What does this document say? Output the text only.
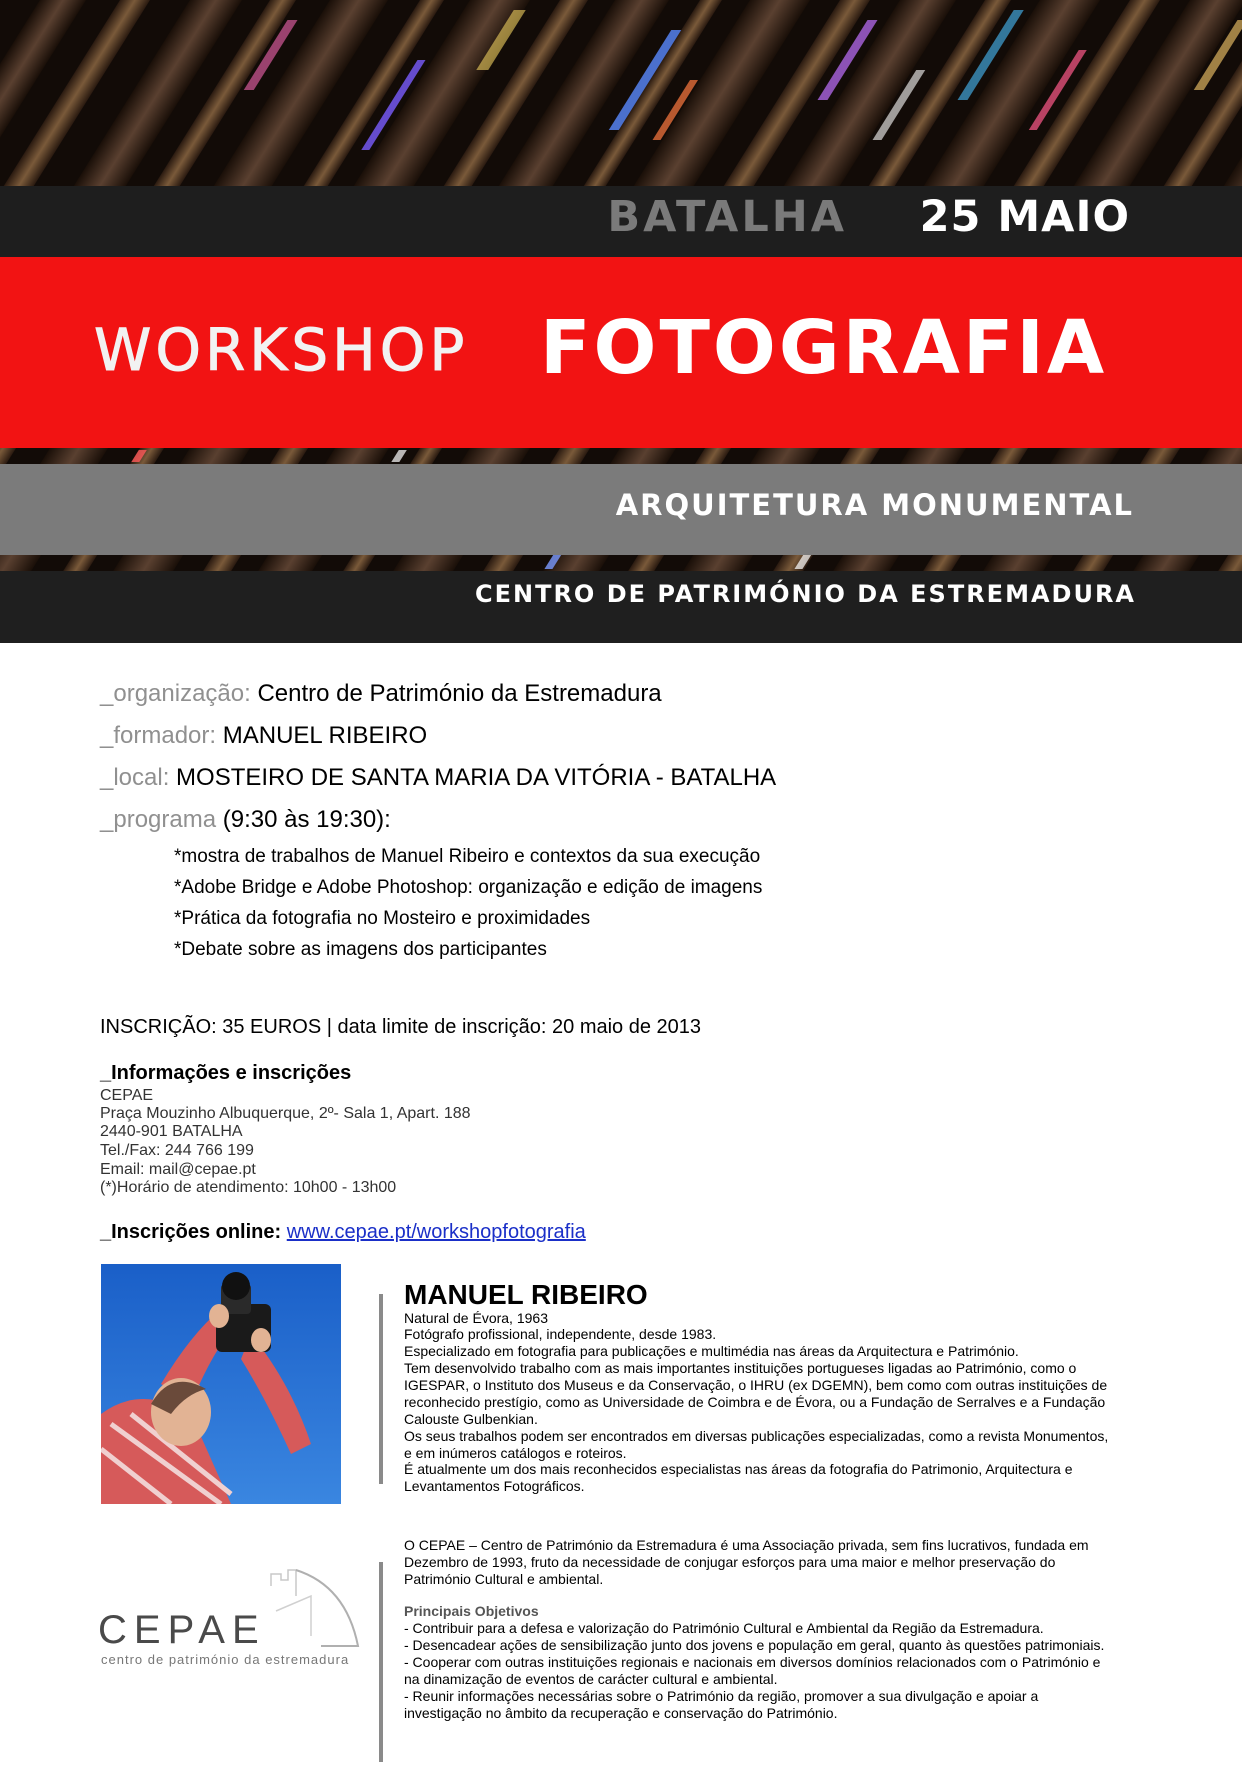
BATALHA 25 MAIO
WORKSHOP FOTOGRAFIA
ARQUITETURA MONUMENTAL
CENTRO DE PATRIMÓNIO DA ESTREMADURA
_organização: Centro de Património da Estremadura
_formador: MANUEL RIBEIRO
_local: MOSTEIRO DE SANTA MARIA DA VITÓRIA - BATALHA
_programa (9:30 às 19:30):
*mostra de trabalhos de Manuel Ribeiro e contextos da sua execução
*Adobe Bridge e Adobe Photoshop: organização e edição de imagens
*Prática da fotografia no Mosteiro e proximidades
*Debate sobre as imagens dos participantes
INSCRIÇÃO: 35 EUROS | data limite de inscrição: 20 maio de 2013
_Informações e inscrições
CEPAE
Praça Mouzinho Albuquerque, 2º- Sala 1, Apart. 188
2440-901 BATALHA
Tel./Fax: 244 766 199
Email: mail@cepae.pt
(*)Horário de atendimento: 10h00 - 13h00
_Inscrições online: www.cepae.pt/workshopfotografia
MANUEL RIBEIRO
Natural de Évora, 1963
Fotógrafo profissional, independente, desde 1983.
Especializado em fotografia para publicações e multimédia nas áreas da Arquitectura e Património.
Tem desenvolvido trabalho com as mais importantes instituições portugueses ligadas ao Património, como o
IGESPAR, o Instituto dos Museus e da Conservação, o IHRU (ex DGEMN), bem como com outras instituições de
reconhecido prestígio, como as Universidade de Coimbra e de Évora, ou a Fundação de Serralves e a Fundação
Calouste Gulbenkian.
Os seus trabalhos podem ser encontrados em diversas publicações especializadas, como a revista Monumentos,
e em inúmeros catálogos e roteiros.
É atualmente um dos mais reconhecidos especialistas nas áreas da fotografia do Patrimonio, Arquitectura e
Levantamentos Fotográficos.
CEPAE
centro de património da estremadura
O CEPAE – Centro de Património da Estremadura é uma Associação privada, sem fins lucrativos, fundada em
Dezembro de 1993, fruto da necessidade de conjugar esforços para uma maior e melhor preservação do
Património Cultural e ambiental.
Principais Objetivos
- Contribuir para a defesa e valorização do Património Cultural e Ambiental da Região da Estremadura.
- Desencadear ações de sensibilização junto dos jovens e população em geral, quanto às questões patrimoniais.
- Cooperar com outras instituições regionais e nacionais em diversos domínios relacionados com o Património e
na dinamização de eventos de carácter cultural e ambiental.
- Reunir informações necessárias sobre o Património da região, promover a sua divulgação e apoiar a
investigação no âmbito da recuperação e conservação do Património.
